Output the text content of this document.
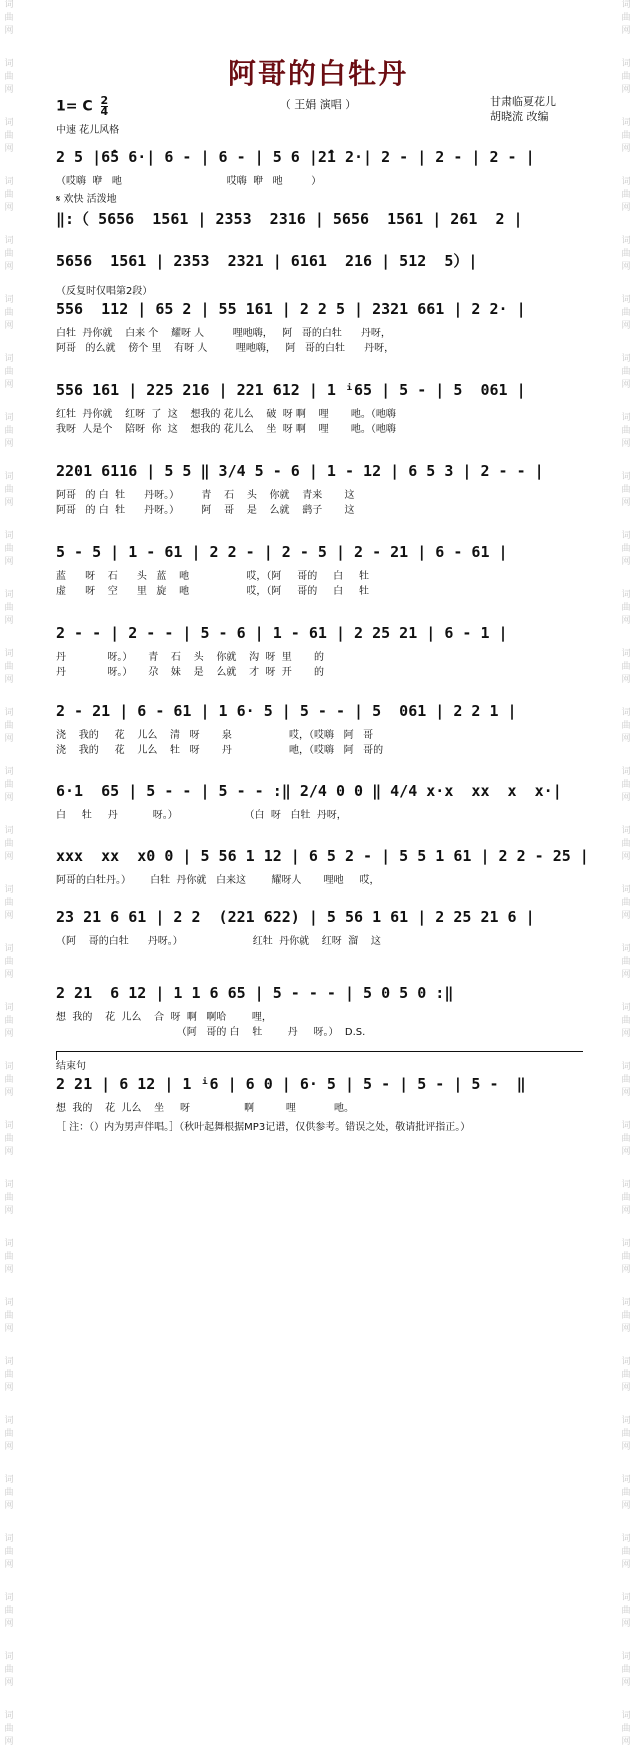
词
曲
网
词
曲
网
词
曲
网
词
曲
网
词
曲
网
词
曲
网
词
曲
网
词
曲
网
词
曲
网
词
曲
网
词
曲
网
词
曲
网
词
曲
网
词
曲
网
词
曲
网
词
曲
网
词
曲
网
词
曲
网
词
曲
网
词
曲
网
词
曲
网
词
曲
网
词
曲
网
词
曲
网
词
曲
网
词
曲
网
词
曲
网
词
曲
网
词
曲
网
词
曲
网
词
曲
网
词
曲
网
词
曲
网
词
曲
网
词
曲
网
词
曲
网
词
曲
网
词
曲
网
词
曲
网
词
曲
网
词
曲
网
词
曲
网
词
曲
网
词
曲
网
词
曲
网
词
曲
网
词
曲
网
词
曲
网
词
曲
网
词
曲
网
词
曲
网
词
曲
网
词
曲
网
词
曲
网
词
曲
网
词
曲
网
词
曲
网
词
曲
网
词
曲
网
词
曲
网
阿哥的白牡丹
（ 王娟 演唱 ）
1= C $\frac{2}{4}$
中速 花儿风格
甘肃临夏花儿
胡晓流 改编
2 5 |6̂5 6·| 6 - | 6 - | 5 6 |2̂1 2·| 2 - | 2 - | 2 - |
（哎嗨  咿   吔                                 哎嗨  咿   吔         ）
𝄋 欢快 活泼地
‖:（ 5656  1561 | 2353  2316 | 5656  1561 | 261  2 |
5656  1561 | 2353  2321 | 6161  216 | 512  5）|
（反复时仅唱第2段）
556  112 | 65 2 | 55 161 | 2 2 5 | 2321 661 | 2 2· |
白牡  丹你就    白来 个    耀呀 人         哩吔嗨，   阿   哥的白牡      丹呀，
阿哥   的么就    傍个 里    有呀 人         哩吔嗨，   阿   哥的白牡      丹呀，
556 161 | 225 216 | 221 612 | 1 ⁱ65 | 5 - | 5  061 |
红牡  丹你就    红呀  了  这    想我的 花儿么    破  呀 啊    哩       吔。（吔嗨
我呀  人是个    陪呀  你  这    想我的 花儿么    坐  呀 啊    哩       吔。（吔嗨
2201 6116 | 5 5 ‖ 3/4 5 - 6 | 1 - 12 | 6 5 3 | 2 - - |
阿哥   的 白  牡      丹呀。）       青    石    头    你就    青来       这
阿哥   的 白  牡      丹呀。）       阿    哥    是    么就    鹞子       这
5 - 5 | 1 - 61 | 2 2 - | 2 - 5 | 2 - 21 | 6 - 61 |
蓝      呀    石      头   蓝    吔                  哎，（阿     哥的     白     牡
虚      呀    空      里   旋    吔                  哎，（阿     哥的     白     牡
2 - - | 2 - - | 5 - 6 | 1 - 61 | 2 25 21 | 6 - 1 |
丹             呀。）     青    石    头    你就    沟  呀  里       的
丹             呀。）     尕    妹    是    么就    才  呀  开       的
2 - 21 | 6 - 61 | 1 6· 5 | 5 - - | 5  061 | 2 2 1 |
浇    我的     花    儿么    清   呀       泉                  哎，（哎嗨   阿   哥
浇    我的     花    儿么    牡   呀       丹                  吔，（哎嗨   阿   哥的
6·1  65 | 5 - - | 5 - - :‖ 2/4 0 0 ‖ 4/4 x·x  xx  x  x·|
白     牡     丹           呀。）                     （白  呀   白牡  丹呀，
xxx  xx  x0 0 | 5 56 1 12 | 6 5 2 - | 5 5 1 61 | 2 2 - 25 |
阿哥的白牡丹。）      白牡  丹你就   白来这        耀呀人       哩吔     哎，
23 21 6 61 | 2 2  (221 622) | 5 56 1 61 | 2 25 21 6 |
（阿    哥的白牡      丹呀。）                      红牡  丹你就    红呀  溜    这
2 21  6 12 | 1 1 6 65 | 5 - - - | 5 0 5 0 :‖
想  我的    花  儿么    合  呀  啊   啊哈        哩，
（阿   哥的 白    牡        丹     呀。）  D.S.
结束句
2 21 | 6 12 | 1 ⁱ6 | 6 0 | 6· 5 | 5 - | 5 - | 5 -  ‖
想  我的    花  儿么    坐     呀                 啊          哩            吔。
［ 注：（）内为男声伴唱。］（秋叶起舞根据MP3记谱，仅供参考。错误之处，敬请批评指正。）
